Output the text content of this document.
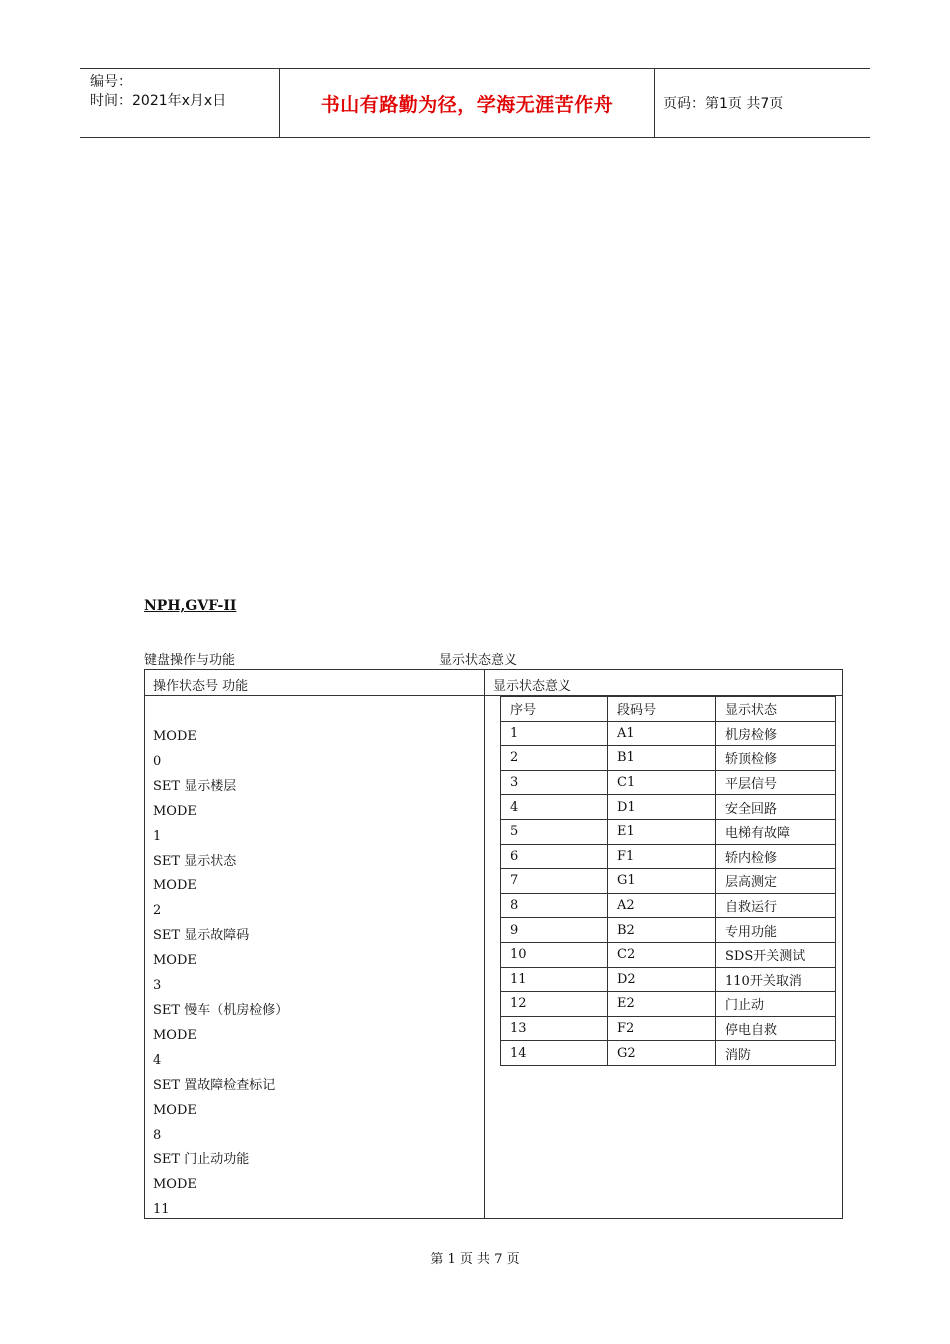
编号：
时间：2021年x月x日	书山有路勤为径，学海无涯苦作舟	页码：第1页 共7页
NPH,GVF-II
键盘操作与功能	显示状态意义
操作状态号 功能	显示状态意义
MODE
0
SET 显示楼层
MODE
1
SET 显示状态
MODE
2
SET 显示故障码
MODE
3
SET 慢车（机房检修）
MODE
4
SET 置故障检查标记
MODE
8
SET 门止动功能
MODE
11
序号	段码号	显示状态
1	A1	机房检修
2	B1	轿顶检修
3	C1	平层信号
4	D1	安全回路
5	E1	电梯有故障
6	F1	轿内检修
7	G1	层高测定
8	A2	自救运行
9	B2	专用功能
10	C2	SDS开关测试
11	D2	110开关取消
12	E2	门止动
13	F2	停电自救
14	G2	消防
第 1 页 共 7 页
